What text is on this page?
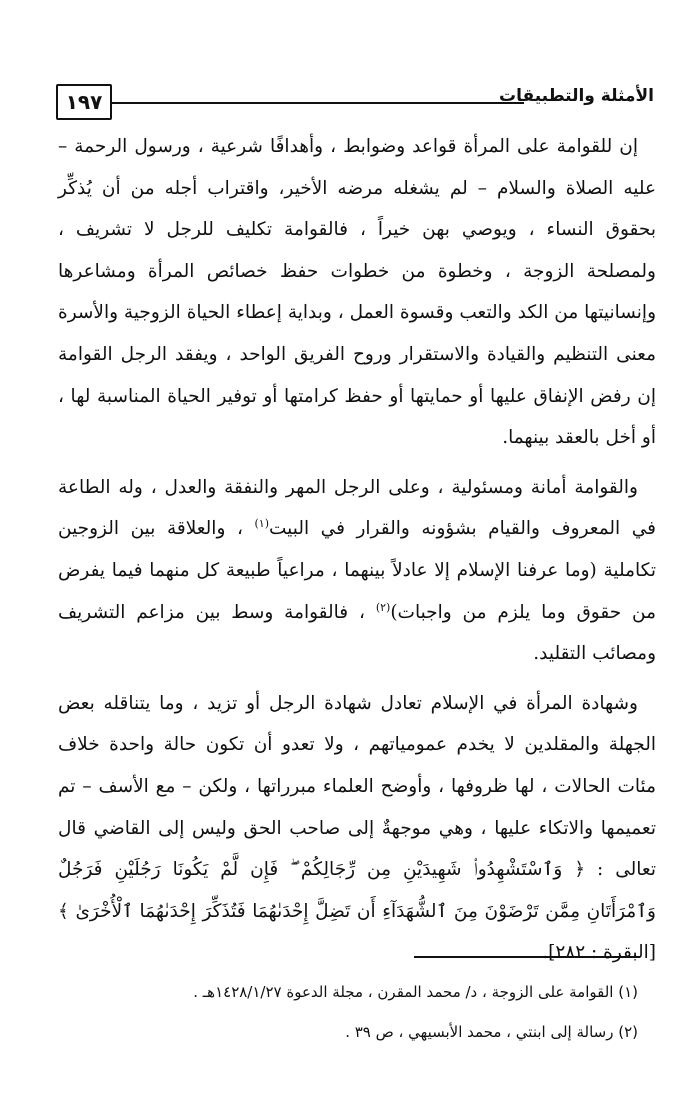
١٩٧	الأمثلة والتطبيقات

إن للقوامة على المرأة قواعد وضوابط ، وأهدافًا شرعية ، ورسول الرحمة – عليه الصلاة والسلام – لم يشغله مرضه الأخير، واقتراب أجله من أن يُذكِّر بحقوق النساء ، ويوصي بهن خيراً ، فالقوامة تكليف للرجل لا تشريف ، ولمصلحة الزوجة ، وخطوة من خطوات حفظ خصائص المرأة ومشاعرها وإنسانيتها من الكد والتعب وقسوة العمل ، وبداية إعطاء الحياة الزوجية والأسرة معنى التنظيم والقيادة والاستقرار وروح الفريق الواحد ، ويفقد الرجل القوامة إن رفض الإنفاق عليها أو حمايتها أو حفظ كرامتها أو توفير الحياة المناسبة لها ، أو أخل بالعقد بينهما.

والقوامة أمانة ومسئولية ، وعلى الرجل المهر والنفقة والعدل ، وله الطاعة في المعروف والقيام بشؤونه والقرار في البيت$^{(١)}$ ، والعلاقة بين الزوجين تكاملية (وما عرفنا الإسلام إلا عادلاً بينهما ، مراعياً طبيعة كل منهما فيما يفرض من حقوق وما يلزم من واجبات)$^{(٢)}$ ، فالقوامة وسط بين مزاعم التشريف ومصائب التقليد.

وشهادة المرأة في الإسلام تعادل شهادة الرجل أو تزيد ، وما يتناقله بعض الجهلة والمقلدين لا يخدم عمومياتهم ، ولا تعدو أن تكون حالة واحدة خلاف مئات الحالات ، لها ظروفها ، وأوضح العلماء مبرراتها ، ولكن – مع الأسف – تم تعميمها والاتكاء عليها ، وهي موجهةٌ إلى صاحب الحق وليس إلى القاضي قال تعالى : ﴿ وَٱسْتَشْهِدُوا۟ شَهِيدَيْنِ مِن رِّجَالِكُمْ ۖ فَإِن لَّمْ يَكُونَا رَجُلَيْنِ فَرَجُلٌ وَٱمْرَأَتَانِ مِمَّن تَرْضَوْنَ مِنَ ٱلشُّهَدَآءِ أَن تَضِلَّ إِحْدَىٰهُمَا فَتُذَكِّرَ إِحْدَىٰهُمَا ٱلْأُخْرَىٰ ﴾ [البقرة : ٢٨٢].

(١) القوامة على الزوجة ، د/ محمد المقرن ، مجلة الدعوة ١٤٢٨/١/٢٧هـ .

(٢) رسالة إلى ابنتي ، محمد الأبسيهي ، ص ٣٩ .
